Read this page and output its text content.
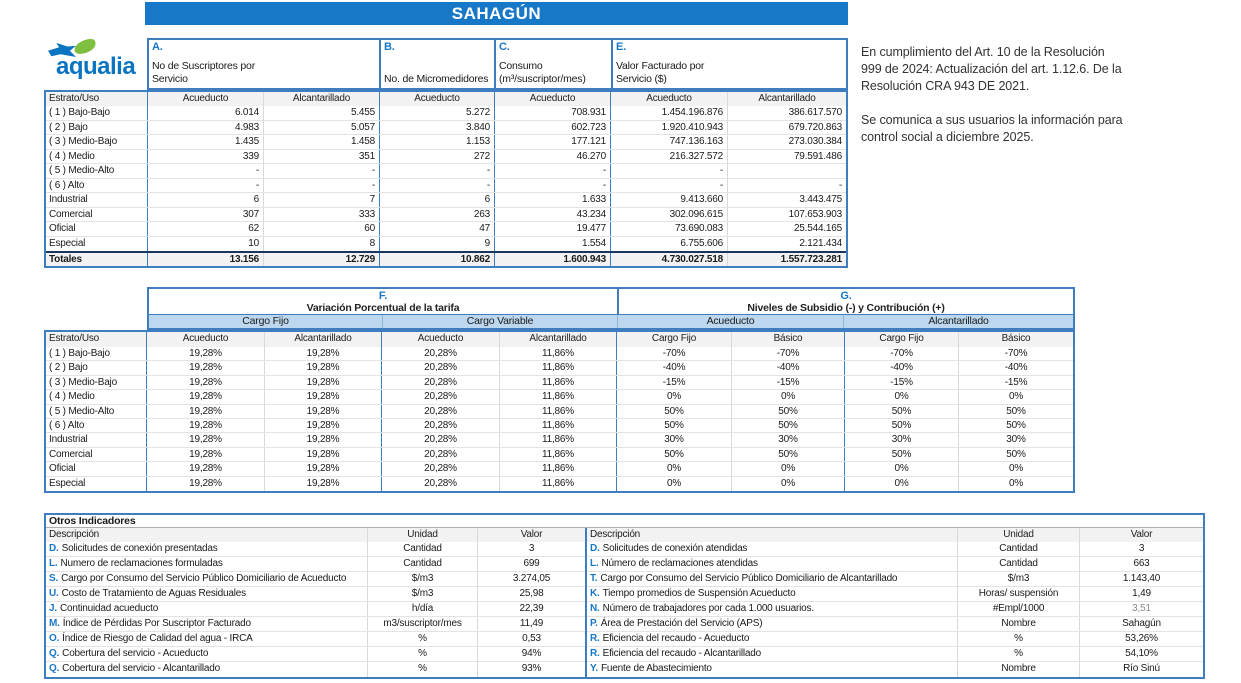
SAHAGÚN
aqualia

En cumplimiento del Art. 10 de la Resolución 999 de 2024: Actualización del art. 1.12.6. De la Resolución CRA 943 DE 2021.

Se comunica a sus usuarios la información para control social a diciembre 2025.

A.
No de Suscriptores por
Servicio
B.
No. de Micromedidores
C.
Consumo
(m³/suscriptor/mes)
E.
Valor Facturado por
Servicio ($)
Estrato/Uso	Acueducto	Alcantarillado	Acueducto	Acueducto	Acueducto	Alcantarillado
( 1 ) Bajo-Bajo	6.014	5.455	5.272	708.931	1.454.196.876	386.617.570
( 2 ) Bajo	4.983	5.057	3.840	602.723	1.920.410.943	679.720.863
( 3 ) Medio-Bajo	1.435	1.458	1.153	177.121	747.136.163	273.030.384
( 4 ) Medio	339	351	272	46.270	216.327.572	79.591.486
( 5 ) Medio-Alto	-	-	-	-	-
( 6 ) Alto	-	-	-	-	-	-
Industrial	6	7	6	1.633	9.413.660	3.443.475
Comercial	307	333	263	43.234	302.096.615	107.653.903
Oficial	62	60	47	19.477	73.690.083	25.544.165
Especial	10	8	9	1.554	6.755.606	2.121.434
Totales	13.156	12.729	10.862	1.600.943	4.730.027.518	1.557.723.281
F.
Variación Porcentual de la tarifa
G.
Niveles de Subsidio (-) y Contribución (+)
Cargo Fijo	Cargo Variable	Acueducto	Alcantarillado
Estrato/Uso	Acueducto	Alcantarillado	Acueducto	Alcantarillado	Cargo Fijo	Básico	Cargo Fijo	Básico
( 1 ) Bajo-Bajo	19,28%	19,28%	20,28%	11,86%	-70%	-70%	-70%	-70%
( 2 ) Bajo	19,28%	19,28%	20,28%	11,86%	-40%	-40%	-40%	-40%
( 3 ) Medio-Bajo	19,28%	19,28%	20,28%	11,86%	-15%	-15%	-15%	-15%
( 4 ) Medio	19,28%	19,28%	20,28%	11,86%	0%	0%	0%	0%
( 5 ) Medio-Alto	19,28%	19,28%	20,28%	11,86%	50%	50%	50%	50%
( 6 ) Alto	19,28%	19,28%	20,28%	11,86%	50%	50%	50%	50%
Industrial	19,28%	19,28%	20,28%	11,86%	30%	30%	30%	30%
Comercial	19,28%	19,28%	20,28%	11,86%	50%	50%	50%	50%
Oficial	19,28%	19,28%	20,28%	11,86%	0%	0%	0%	0%
Especial	19,28%	19,28%	20,28%	11,86%	0%	0%	0%	0%
Otros Indicadores
Descripción	Unidad	Valor
D. Solicitudes de conexión presentadas	Cantidad	3
L. Numero de reclamaciones formuladas	Cantidad	699
S. Cargo por Consumo del Servicio Público Domiciliario de Acueducto	$/m3	3.274,05
U. Costo de Tratamiento de Aguas Residuales	$/m3	25,98
J. Continuidad acueducto	h/día	22,39
M. Índice de Pérdidas Por Suscriptor Facturado	m3/suscriptor/mes	11,49
O. Índice de Riesgo de Calidad del agua - IRCA	%	0,53
Q. Cobertura del servicio - Acueducto	%	94%
Q. Cobertura del servicio - Alcantarillado	%	93%
Descripción	Unidad	Valor
D. Solicitudes de conexión atendidas	Cantidad	3
L. Número de reclamaciones atendidas	Cantidad	663
T. Cargo por Consumo del Servicio Público Domiciliario de Alcantarillado	$/m3	1.143,40
K. Tiempo promedios de Suspensión Acueducto	Horas/ suspensión	1,49
N. Número de trabajadores por cada 1.000 usuarios.	#Empl/1000	3,51
P. Área de Prestación del Servicio (APS)	Nombre	Sahagún
R. Eficiencia del recaudo - Acueducto	%	53,26%
R. Eficiencia del recaudo - Alcantarillado	%	54,10%
Y. Fuente de Abastecimiento	Nombre	Río Sinú
